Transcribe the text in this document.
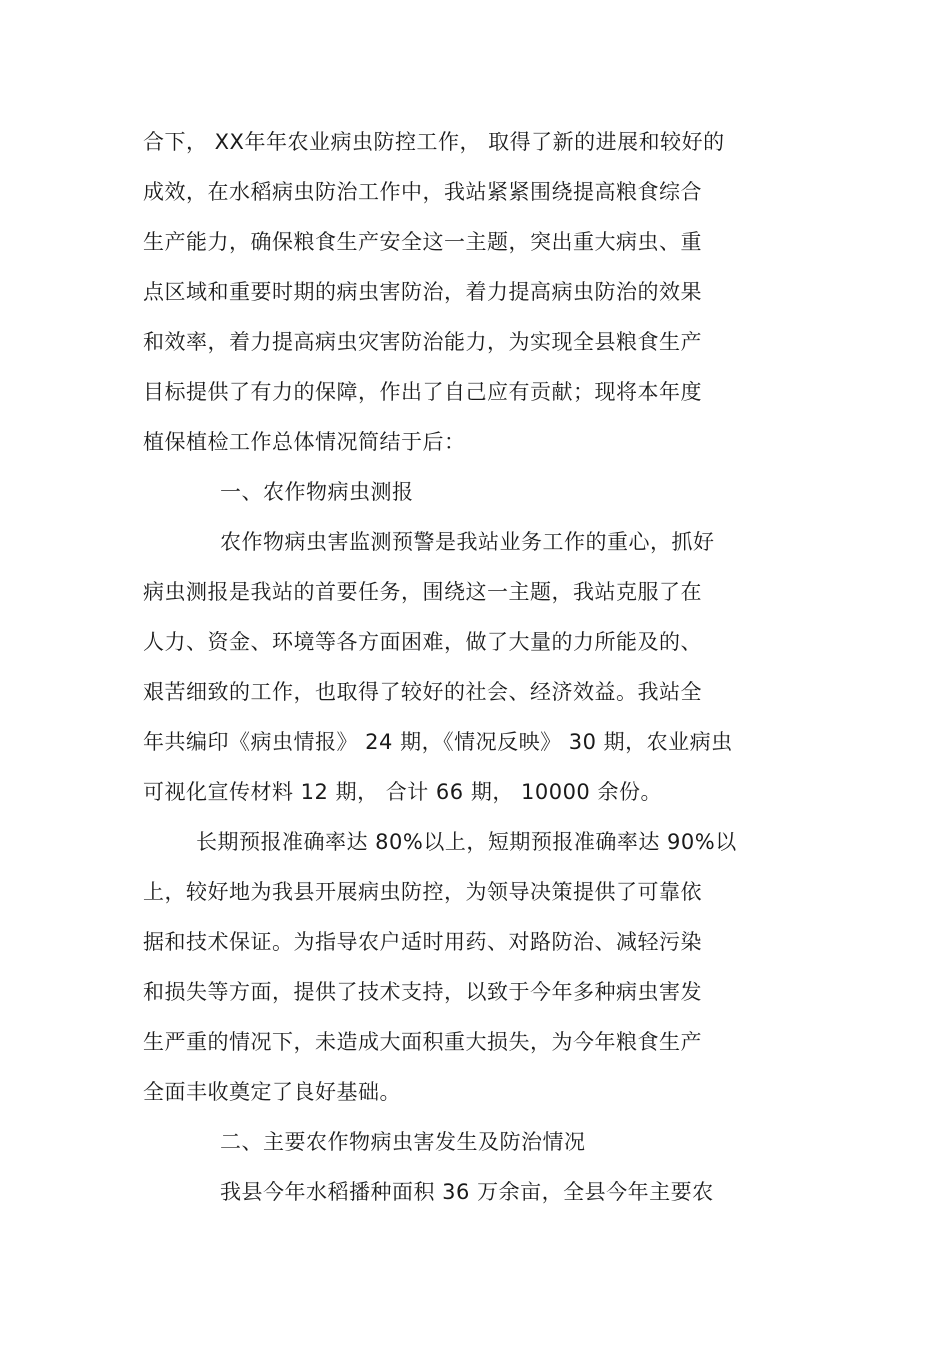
合下， XX年年农业病虫防控工作， 取得了新的进展和较好的
成效，在水稻病虫防治工作中，我站紧紧围绕提高粮食综合
生产能力，确保粮食生产安全这一主题，突出重大病虫、重
点区域和重要时期的病虫害防治，着力提高病虫防治的效果
和效率，着力提高病虫灾害防治能力，为实现全县粮食生产
目标提供了有力的保障，作出了自己应有贡献；现将本年度
植保植检工作总体情况简结于后：
一、农作物病虫测报
农作物病虫害监测预警是我站业务工作的重心，抓好
病虫测报是我站的首要任务，围绕这一主题，我站克服了在
人力、资金、环境等各方面困难，做了大量的力所能及的、
艰苦细致的工作，也取得了较好的社会、经济效益。我站全
年共编印《病虫情报》 24 期，《情况反映》 30 期，农业病虫
可视化宣传材料 12 期， 合计 66 期， 10000 余份。
长期预报准确率达 80%以上，短期预报准确率达 90%以
上，较好地为我县开展病虫防控，为领导决策提供了可靠依
据和技术保证。为指导农户适时用药、对路防治、减轻污染
和损失等方面，提供了技术支持，以致于今年多种病虫害发
生严重的情况下，未造成大面积重大损失，为今年粮食生产
全面丰收奠定了良好基础。
二、主要农作物病虫害发生及防治情况
我县今年水稻播种面积 36 万余亩，全县今年主要农
